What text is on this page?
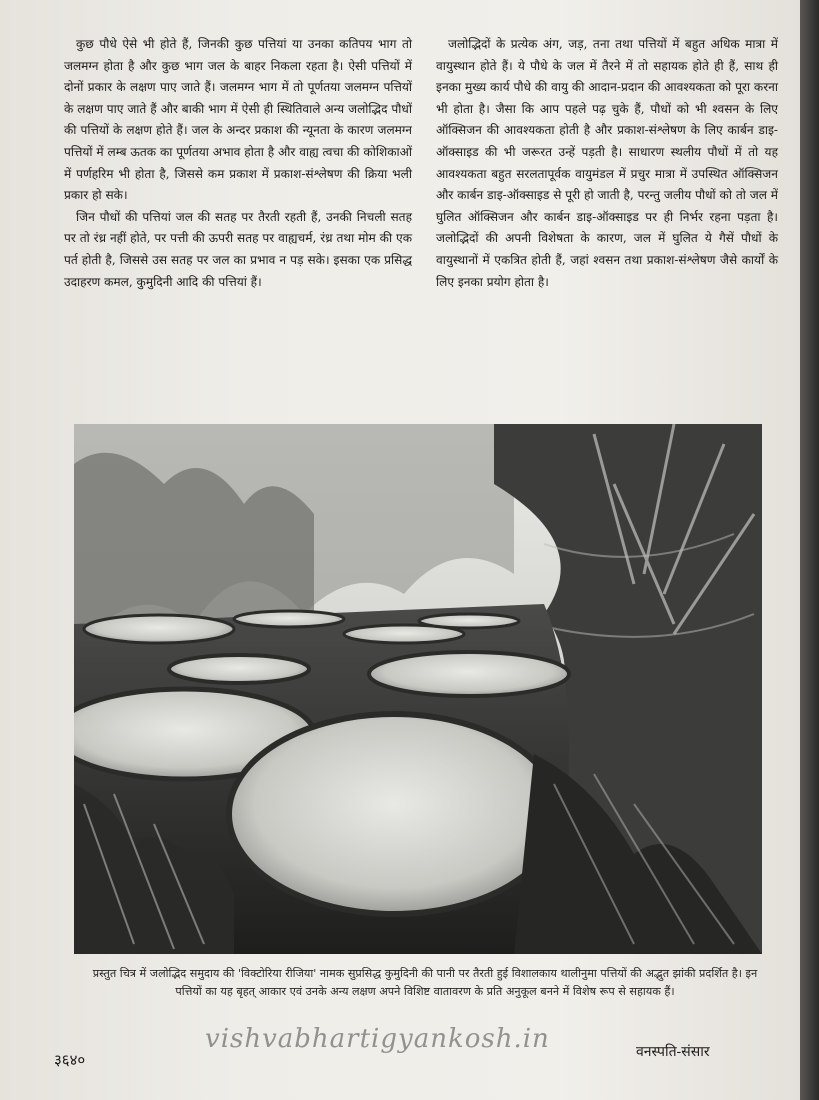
कुछ पौधे ऐसे भी होते हैं, जिनकी कुछ पत्तियां या उनका कतिपय भाग तो जलमग्न होता है और कुछ भाग जल के बाहर निकला रहता है। ऐसी पत्तियों में दोनों प्रकार के लक्षण पाए जाते हैं। जलमग्न भाग में तो पूर्णतया जलमग्न पत्तियों के लक्षण पाए जाते हैं और बाकी भाग में ऐसी ही स्थितिवाले अन्य जलोद्भिद पौधों की पत्तियों के लक्षण होते हैं। जल के अन्दर प्रकाश की न्यूनता के कारण जलमग्न पत्तियों में लम्ब ऊतक का पूर्णतया अभाव होता है और वाह्य त्वचा की कोशिकाओं में पर्णहरिम भी होता है, जिससे कम प्रकाश में प्रकाश-संश्लेषण की क्रिया भली प्रकार हो सके।

जिन पौधों की पत्तियां जल की सतह पर तैरती रहती हैं, उनकी निचली सतह पर तो रंध्र नहीं होते, पर पत्ती की ऊपरी सतह पर वाह्यचर्म, रंध्र तथा मोम की एक पर्त होती है, जिससे उस सतह पर जल का प्रभाव न पड़ सके। इसका एक प्रसिद्ध उदाहरण कमल, कुमुदिनी आदि की पत्तियां हैं।

जलोद्भिदों के प्रत्येक अंग, जड़, तना तथा पत्तियों में बहुत अधिक मात्रा में वायुस्थान होते हैं। ये पौधे के जल में तैरने में तो सहायक होते ही हैं, साथ ही इनका मुख्य कार्य पौधे की वायु की आदान-प्रदान की आवश्यकता को पूरा करना भी होता है। जैसा कि आप पहले पढ़ चुके हैं, पौधों को भी श्वसन के लिए ऑक्सिजन की आवश्यकता होती है और प्रकाश-संश्लेषण के लिए कार्बन डाइ-ऑक्साइड की भी जरूरत उन्हें पड़ती है। साधारण स्थलीय पौधों में तो यह आवश्यकता बहुत सरलतापूर्वक वायुमंडल में प्रचुर मात्रा में उपस्थित ऑक्सिजन और कार्बन डाइ-ऑक्साइड से पूरी हो जाती है, परन्तु जलीय पौधों को तो जल में घुलित ऑक्सिजन और कार्बन डाइ-ऑक्साइड पर ही निर्भर रहना पड़ता है। जलोद्भिदों की अपनी विशेषता के कारण, जल में घुलित ये गैसें पौधों के वायुस्थानों में एकत्रित होती हैं, जहां श्वसन तथा प्रकाश-संश्लेषण जैसे कार्यों के लिए इनका प्रयोग होता है।

प्रस्तुत चित्र में जलोद्भिद समुदाय की 'विक्टोरिया रीजिया' नामक सुप्रसिद्ध कुमुदिनी की पानी पर तैरती हुई विशालकाय थालीनुमा पत्तियों की अद्भुत झांकी प्रदर्शित है। इन पत्तियों का यह बृहत् आकार एवं उनके अन्य लक्षण अपने विशिष्ट वातावरण के प्रति अनुकूल बनने में विशेष रूप से सहायक हैं।
vishvabhartigyankosh.in
३६४०	वनस्पति-संसार
